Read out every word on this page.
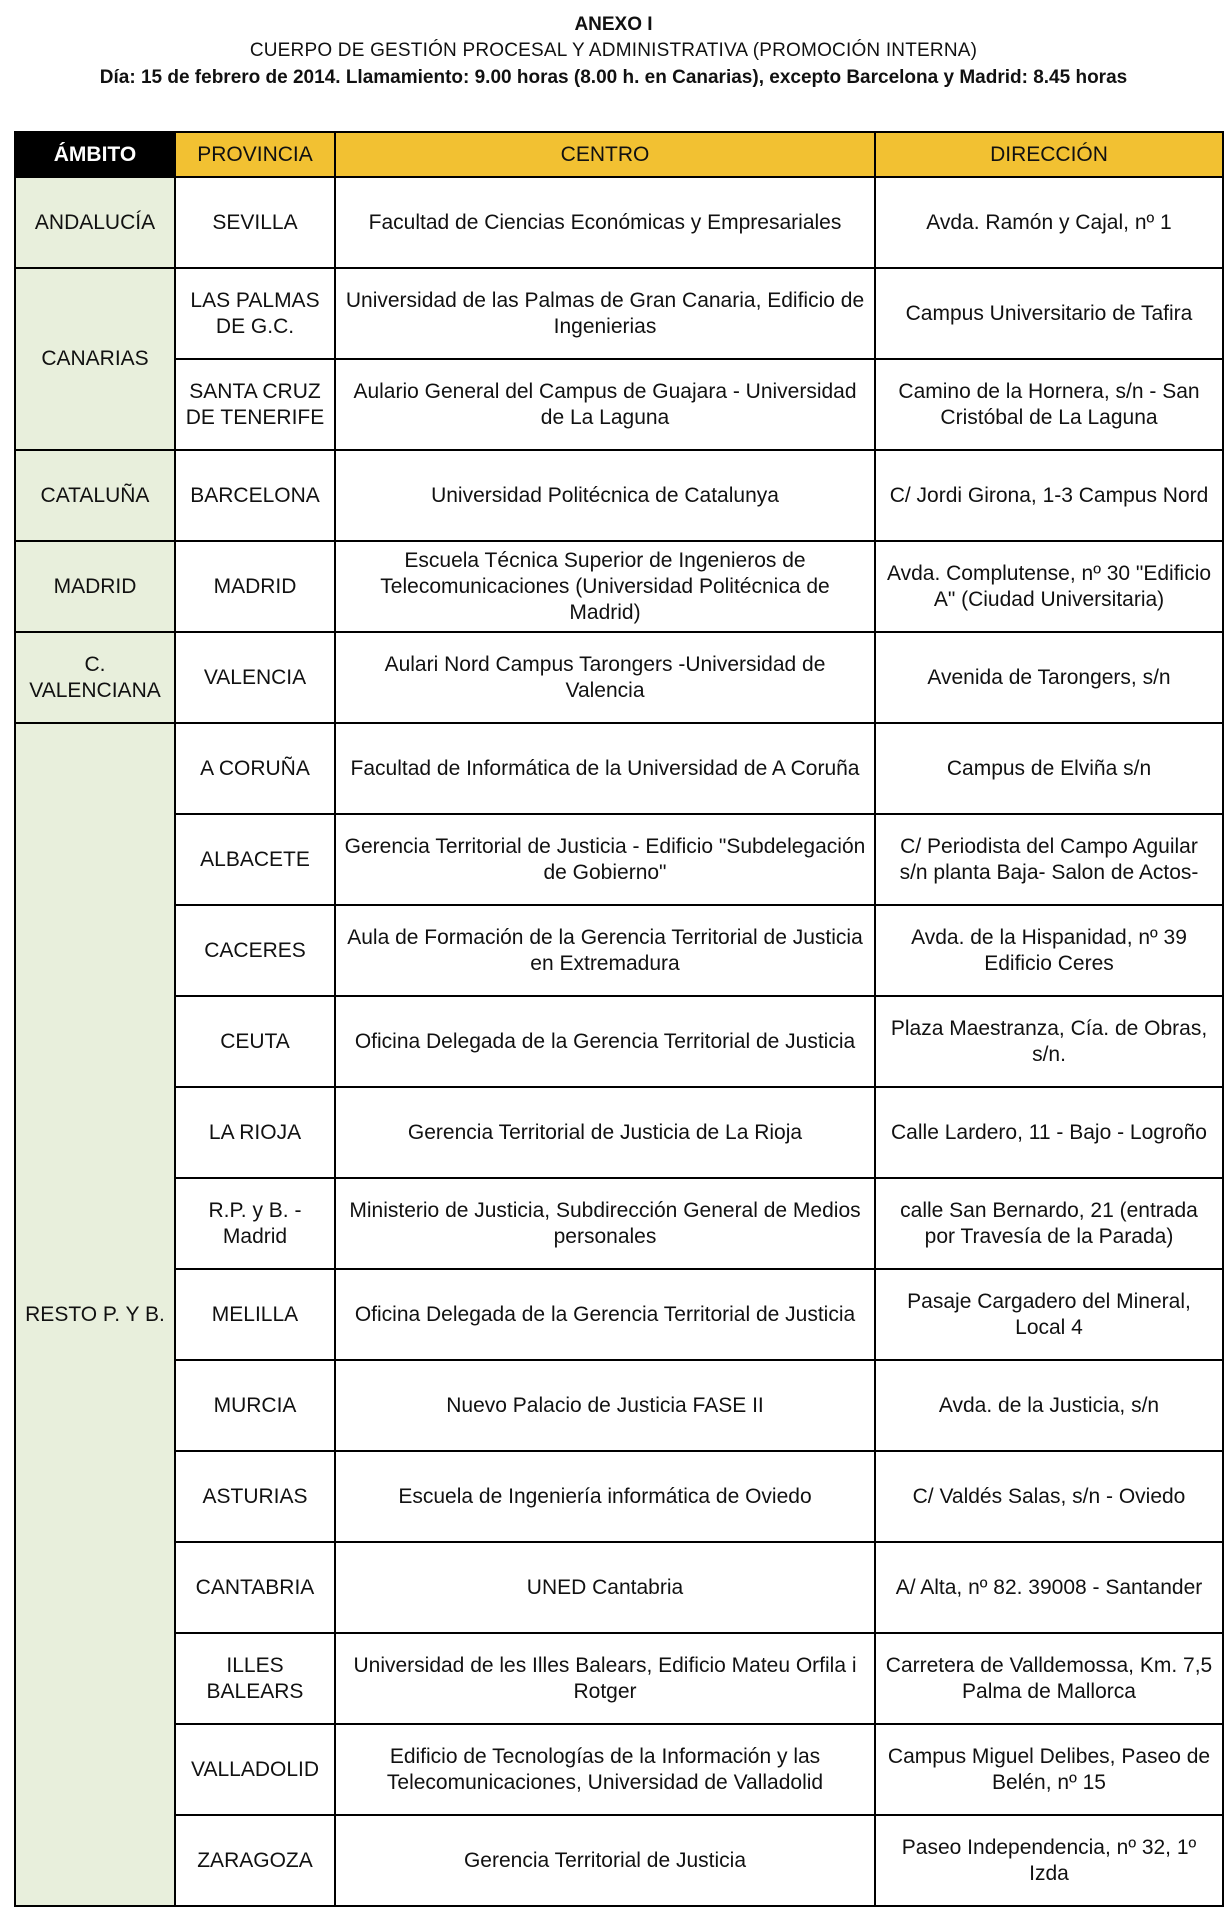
ANEXO I
CUERPO DE GESTIÓN PROCESAL Y ADMINISTRATIVA (PROMOCIÓN INTERNA)
Día: 15 de febrero de 2014. Llamamiento: 9.00 horas (8.00 h. en Canarias), excepto Barcelona y Madrid: 8.45 horas
ÁMBITO	PROVINCIA	CENTRO	DIRECCIÓN
ANDALUCÍA	SEVILLA	Facultad de Ciencias Económicas y Empresariales	Avda. Ramón y Cajal, nº 1
CANARIAS	LAS PALMAS DE G.C.	Universidad de las Palmas de Gran Canaria, Edificio de Ingenierias	Campus Universitario de Tafira
	SANTA CRUZ DE TENERIFE	Aulario General del Campus de Guajara - Universidad de La Laguna	Camino de la Hornera, s/n - San Cristóbal de La Laguna
CATALUÑA	BARCELONA	Universidad Politécnica de Catalunya	C/ Jordi Girona, 1-3 Campus Nord
MADRID	MADRID	Escuela Técnica Superior de Ingenieros de Telecomunicaciones (Universidad Politécnica de Madrid)	Avda. Complutense, nº 30 "Edificio A" (Ciudad Universitaria)
C. VALENCIANA	VALENCIA	Aulari Nord Campus Tarongers -Universidad de Valencia	Avenida de Tarongers, s/n
RESTO P. Y B.	A CORUÑA	Facultad de Informática de la Universidad de A Coruña	Campus de Elviña s/n
	ALBACETE	Gerencia Territorial de Justicia - Edificio "Subdelegación de Gobierno"	C/ Periodista del Campo Aguilar s/n planta Baja- Salon de Actos-
	CACERES	Aula de Formación de la Gerencia Territorial de Justicia en Extremadura	Avda. de la Hispanidad, nº 39 Edificio Ceres
	CEUTA	Oficina Delegada de la Gerencia Territorial de Justicia	Plaza Maestranza, Cía. de Obras, s/n.
	LA RIOJA	Gerencia Territorial de Justicia de La Rioja	Calle Lardero, 11 - Bajo - Logroño
	R.P. y B. - Madrid	Ministerio de Justicia, Subdirección General de Medios personales	calle San Bernardo, 21 (entrada por Travesía de la Parada)
	MELILLA	Oficina Delegada de la Gerencia Territorial de Justicia	Pasaje Cargadero del Mineral, Local 4
	MURCIA	Nuevo Palacio de Justicia FASE II	Avda. de la Justicia, s/n
	ASTURIAS	Escuela de Ingeniería informática de Oviedo	C/ Valdés Salas, s/n - Oviedo
	CANTABRIA	UNED Cantabria	A/ Alta, nº 82. 39008 - Santander
	ILLES BALEARS	Universidad de les Illes Balears, Edificio Mateu Orfila i Rotger	Carretera de Valldemossa, Km. 7,5 Palma de Mallorca
	VALLADOLID	Edificio de Tecnologías de la Información y las Telecomunicaciones, Universidad de Valladolid	Campus Miguel Delibes, Paseo de Belén, nº 15
	ZARAGOZA	Gerencia Territorial de Justicia	Paseo Independencia, nº 32, 1º Izda
